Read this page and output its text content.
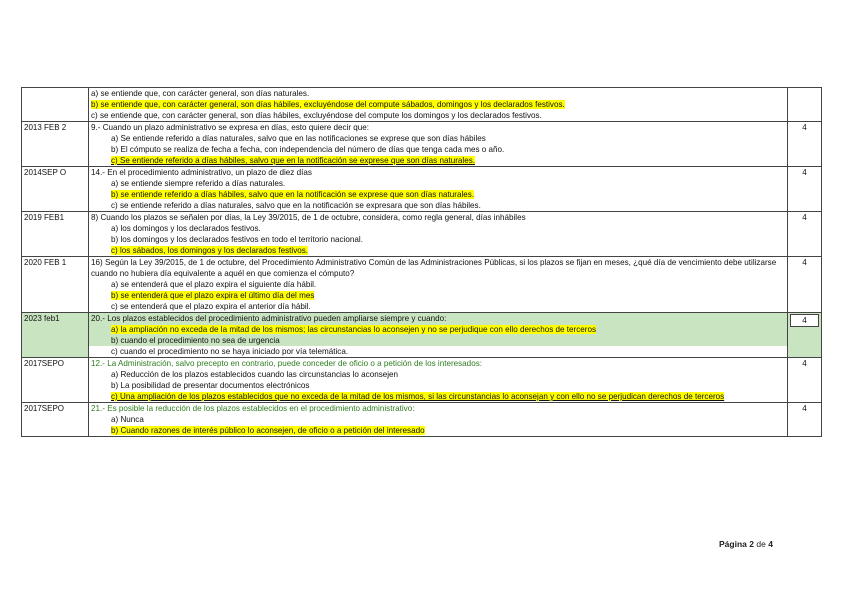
	a) se entiende que, con carácter general, son días naturales.
b) se entiende que, con carácter general, son días hábiles, excluyéndose del compute sábados, domingos y los declarados festivos.
c) se entiende que, con carácter general, son días hábiles, excluyéndose del compute los domingos y los declarados festivos.	

2013 FEB 2	9.- Cuando un plazo administrativo se expresa en días, esto quiere decir que:
a) Se entiende referido a días naturales, salvo que en las notificaciones se exprese que son días hábiles
b) El cómputo se realiza de fecha a fecha, con independencia del número de días que tenga cada mes o año.
c) Se entiende referido a días hábiles, salvo que en la notificación se exprese que son días naturales.	4
2014SEP O	14.- En el procedimiento administrativo, un plazo de diez días
a) se entiende siempre referido a días naturales.
b) se entiende referido a días hábiles, salvo que en la notificación se exprese que son días naturales.
c) se entiende referido a días naturales, salvo que en la notificación se expresara que son días hábiles.	4
2019 FEB1	8) Cuando los plazos se señalen por días, la Ley 39/2015, de 1 de octubre, considera, como regla general, días inhábiles
a) los domingos y los declarados festivos.
b) los domingos y los declarados festivos en todo el territorio nacional.
c) los sábados, los domingos y los declarados festivos.	4
2020 FEB 1	16) Según la Ley 39/2015, de 1 de octubre, del Procedimiento Administrativo Común de las Administraciones Públicas, si los plazos se fijan en meses, ¿qué día de vencimiento debe utilizarse cuando no hubiera día equivalente a aquél en que comienza el cómputo?
a) se entenderá que el plazo expira el siguiente día hábil.
b) se entenderá que el plazo expira el último día del mes
c) se entenderá que el plazo expira el anterior día hábil.	4
2023 feb1	20.- Los plazos establecidos del procedimiento administrativo pueden ampliarse siempre y cuando:
a) la ampliación no exceda de la mitad de los mismos; las circunstancias lo aconsejen y no se perjudique con ello derechos de terceros
b) cuando el procedimiento no sea de urgencia
c) cuando el procedimiento no se haya iniciado por vía telemática.	4

2017SEPO	12.- La Administración, salvo precepto en contrario, puede conceder de oficio o a petición de los interesados:
a) Reducción de los plazos establecidos cuando las circunstancias lo aconsejen
b) La posibilidad de presentar documentos electrónicos
c) Una ampliación de los plazos establecidos que no exceda de la mitad de los mismos, si las circunstancias lo aconsejan y con ello no se perjudican derechos de terceros	4
2017SEPO	21.- Es posible la reducción de los plazos establecidos en el procedimiento administrativo:
a) Nunca
b) Cuando razones de interés público lo aconsejen, de oficio o a petición del interesado	4
Página 2 de 4
